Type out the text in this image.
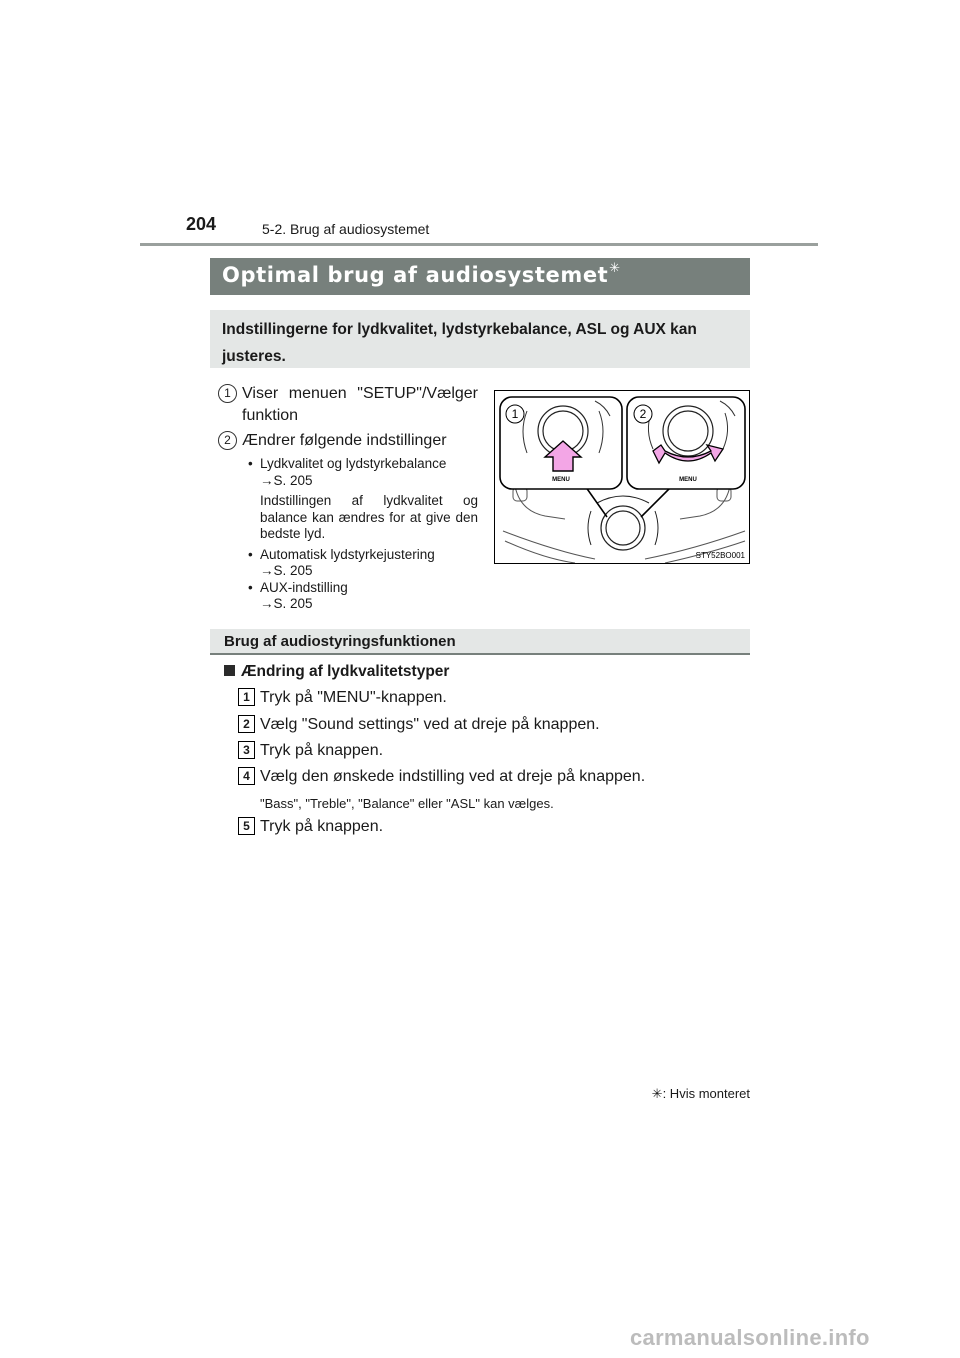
204	5-2. Brug af audiosystemet
Optimal brug af audiosystemet✳
Indstillingerne for lydkvalitet, lydstyrkebalance, ASL og AUX kan justeres.
1 Viser menuen "SETUP"/Vælger funktion
2 Ændrer følgende indstillinger
• Lydkvalitet og lydstyrkebalance
→S. 205
Indstillingen af lydkvalitet og balance kan ændres for at give den bedste lyd.
• Automatisk lydstyrkejustering
→S. 205
• AUX-indstilling
→S. 205
1	2
MENU	MENU
STY52BO001
Brug af audiostyringsfunktionen
Ændring af lydkvalitetstyper
1 Tryk på "MENU"-knappen.
2 Vælg "Sound settings" ved at dreje på knappen.
3 Tryk på knappen.
4 Vælg den ønskede indstilling ved at dreje på knappen.
"Bass", "Treble", "Balance" eller "ASL" kan vælges.
5 Tryk på knappen.
✳: Hvis monteret
carmanualsonline.info
